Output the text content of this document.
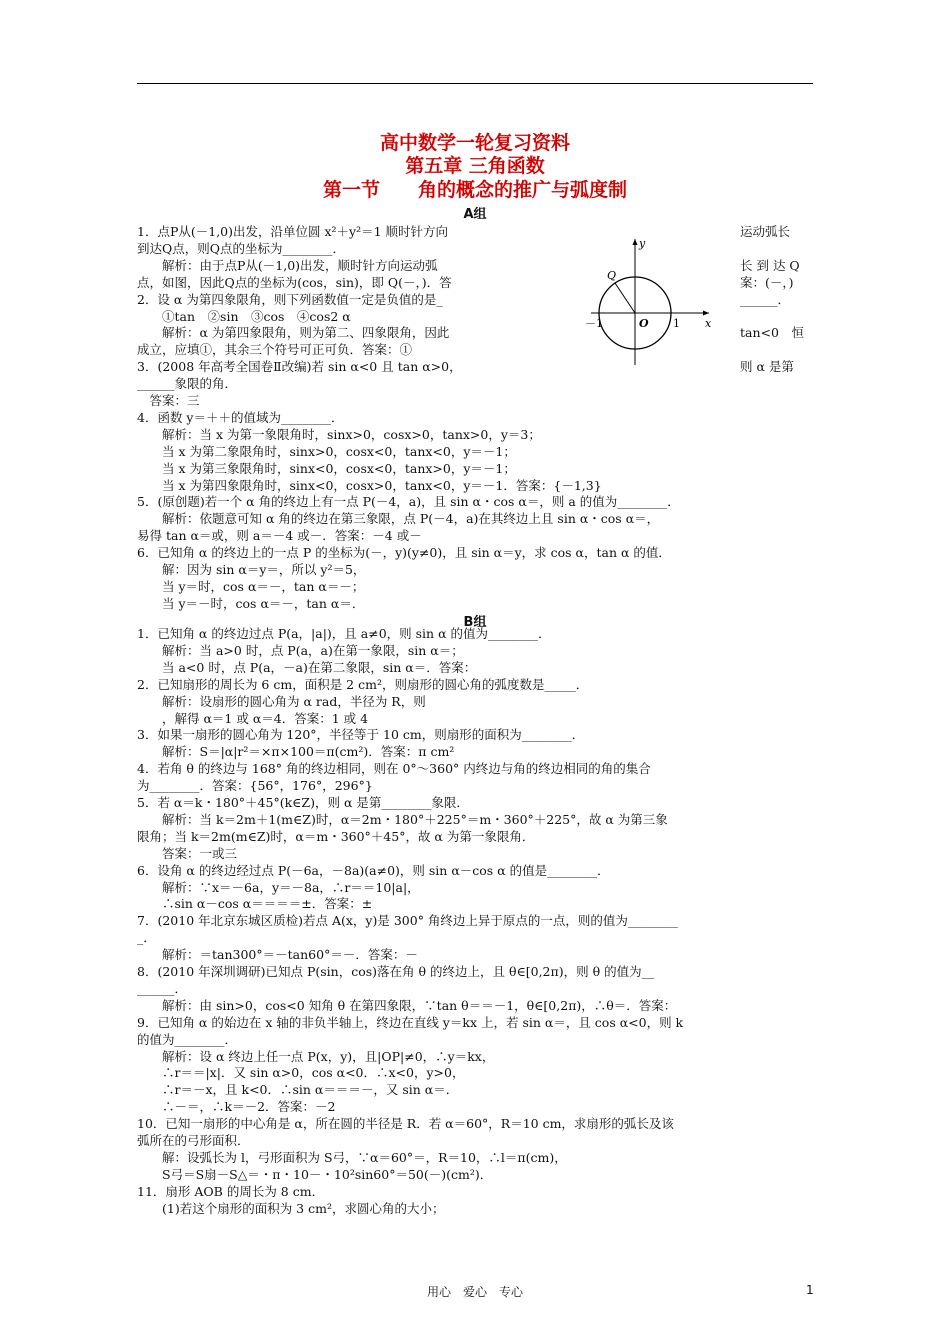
高中数学一轮复习资料
第五章 三角函数
第一节　　角的概念的推广与弧度制
A组
1．点P从(－1,0)出发，沿单位圆 x²＋y²＝1 顺时针方向
到达Q点，则Q点的坐标为________．
　　解析：由于点P从(－1,0)出发，顺时针方向运动弧
点，如图，因此Q点的坐标为(cos，sin)，即 Q(－，)．答
2．设 α 为第四象限角，则下列函数值一定是负值的是_
　　①tan　②sin　③cos　④cos2 α
　　解析：α 为第四象限角，则为第二、四象限角，因此
成立，应填①，其余三个符号可正可负．答案：①
3．(2008 年高考全国卷Ⅱ改编)若 sin α<0 且 tan α>0，
______象限的角．
　答案：三
4．函数 y＝＋＋的值域为________．
　　解析：当 x 为第一象限角时，sinx>0，cosx>0，tanx>0，y＝3；
　　当 x 为第二象限角时，sinx>0，cosx<0，tanx<0，y＝－1；
　　当 x 为第三象限角时，sinx<0，cosx<0，tanx>0，y＝－1；
　　当 x 为第四象限角时，sinx<0，cosx>0，tanx<0，y＝－1．答案：{－1,3}
5．(原创题)若一个 α 角的终边上有一点 P(－4，a)，且 sin α・cos α＝，则 a 的值为________．
　　解析：依题意可知 α 角的终边在第三象限，点 P(－4，a)在其终边上且 sin α・cos α＝，
易得 tan α＝或，则 a＝－4 或－．答案：－4 或－
6．已知角 α 的终边上的一点 P 的坐标为(－，y)(y≠0)，且 sin α＝y，求 cos α，tan α 的值．
　　解：因为 sin α＝y＝，所以 y²＝5，
　　当 y＝时，cos α＝－，tan α＝－；
　　当 y＝－时，cos α＝－，tan α＝．
运动弧长
长 到 达 Q
案：(－，)
______．
tan<0　恒
则 α 是第
y
x
Q
O
－1	1
B组
1．已知角 α 的终边过点 P(a，|a|)，且 a≠0，则 sin α 的值为________．
　　解析：当 a>0 时，点 P(a，a)在第一象限，sin α＝；
　　当 a<0 时，点 P(a，－a)在第二象限，sin α＝．答案：
2．已知扇形的周长为 6 cm，面积是 2 cm²，则扇形的圆心角的弧度数是_____．
　　解析：设扇形的圆心角为 α rad，半径为 R，则
　　，解得 α＝1 或 α＝4．答案：1 或 4
3．如果一扇形的圆心角为 120°，半径等于 10 cm，则扇形的面积为________．
　　解析：S＝|α|r²＝×π×100＝π(cm²)．答案：π cm²
4．若角 θ 的终边与 168° 角的终边相同，则在 0°～360° 内终边与角的终边相同的角的集合
为________．答案：{56°，176°，296°}
5．若 α＝k・180°＋45°(k∈Z)，则 α 是第________象限．
　　解析：当 k＝2m＋1(m∈Z)时，α＝2m・180°＋225°＝m・360°＋225°，故 α 为第三象
限角；当 k＝2m(m∈Z)时，α＝m・360°＋45°，故 α 为第一象限角．
　　答案：一或三
6．设角 α 的终边经过点 P(－6a，－8a)(a≠0)，则 sin α－cos α 的值是________．
　　解析：∵x＝－6a，y＝－8a，∴r＝＝10|a|，
　　∴sin α－cos α＝＝＝＝±．答案：±
7．(2010 年北京东城区质检)若点 A(x，y)是 300° 角终边上异于原点的一点，则的值为________
_．
　　解析：＝tan300°＝－tan60°＝－．答案：－
8．(2010 年深圳调研)已知点 P(sin，cos)落在角 θ 的终边上，且 θ∈[0,2π)，则 θ 的值为__
______．
　　解析：由 sin>0，cos<0 知角 θ 在第四象限，∵tan θ＝＝－1，θ∈[0,2π)，∴θ＝．答案：
9．已知角 α 的始边在 x 轴的非负半轴上，终边在直线 y＝kx 上，若 sin α＝，且 cos α<0，则 k
的值为________．
　　解析：设 α 终边上任一点 P(x，y)，且|OP|≠0，∴y＝kx，
　　∴r＝＝|x|．又 sin α>0，cos α<0．∴x<0，y>0，
　　∴r＝－x，且 k<0．∴sin α＝＝＝－，又 sin α＝．
　　∴－＝，∴k＝－2．答案：－2
10．已知一扇形的中心角是 α，所在圆的半径是 R．若 α＝60°，R＝10 cm，求扇形的弧长及该
弧所在的弓形面积．
　　解：设弧长为 l，弓形面积为 S弓，∵α＝60°＝，R＝10，∴l＝π(cm)，
　　S弓＝S扇－S△＝・π・10－・10²sin60°＝50(－)(cm²)．
11．扇形 AOB 的周长为 8 cm．
　　(1)若这个扇形的面积为 3 cm²，求圆心角的大小；
用心　爱心　专心	1
